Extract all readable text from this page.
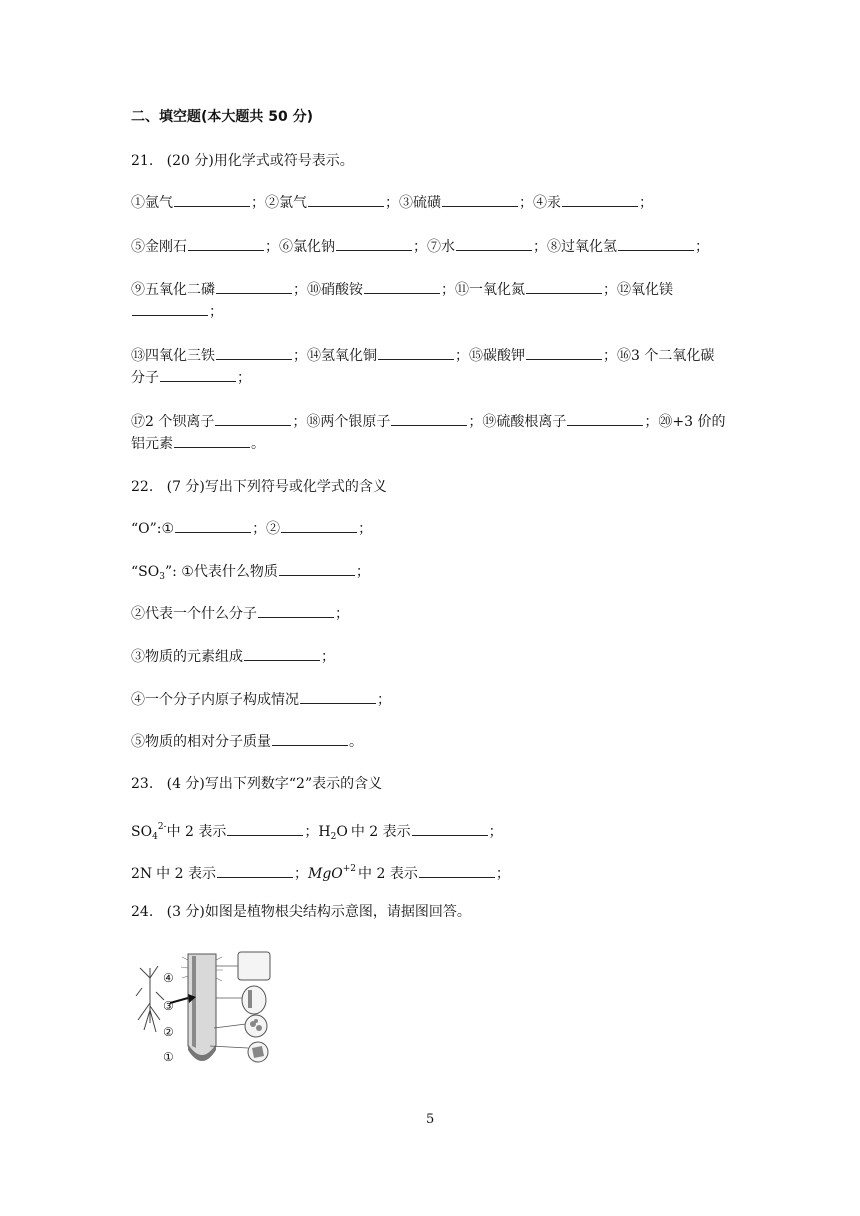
二、填空题(本大题共 50 分)
21.   (20 分)用化学式或符号表示。
①氩气	；②氯气	；③硫磺	；④汞	；
⑤金刚石	；⑥氯化钠	；⑦水	；⑧过氧化氢	；
⑨五氧化二磷	；⑩硝酸铵	；⑪一氧化氮	；⑫氧化镁
；
⑬四氧化三铁	；⑭氢氧化铜	；⑮碳酸钾	；⑯3 个二氧化碳
分子	；
⑰2 个钡离子	；⑱两个银原子	；⑲硫酸根离子	；⑳+3 价的
铝元素	。
22.   (7 分)写出下列符号或化学式的含义
“O”:①	；②	；
“$SO_3$”: ①代表什么物质	；
②代表一个什么分子	；
③物质的元素组成	；
④一个分子内原子构成情况	；
⑤物质的相对分子质量	。
23.   (4 分)写出下列数字“2”表示的含义
$SO_4^{2-}$中 2 表示	；$H_2O$ 中 2 表示	；
2N 中 2 表示	；MgO$^{+2}$ 中 2 表示	；
24.   (3 分)如图是植物根尖结构示意图，请据图回答。
④
③
②
①
5
